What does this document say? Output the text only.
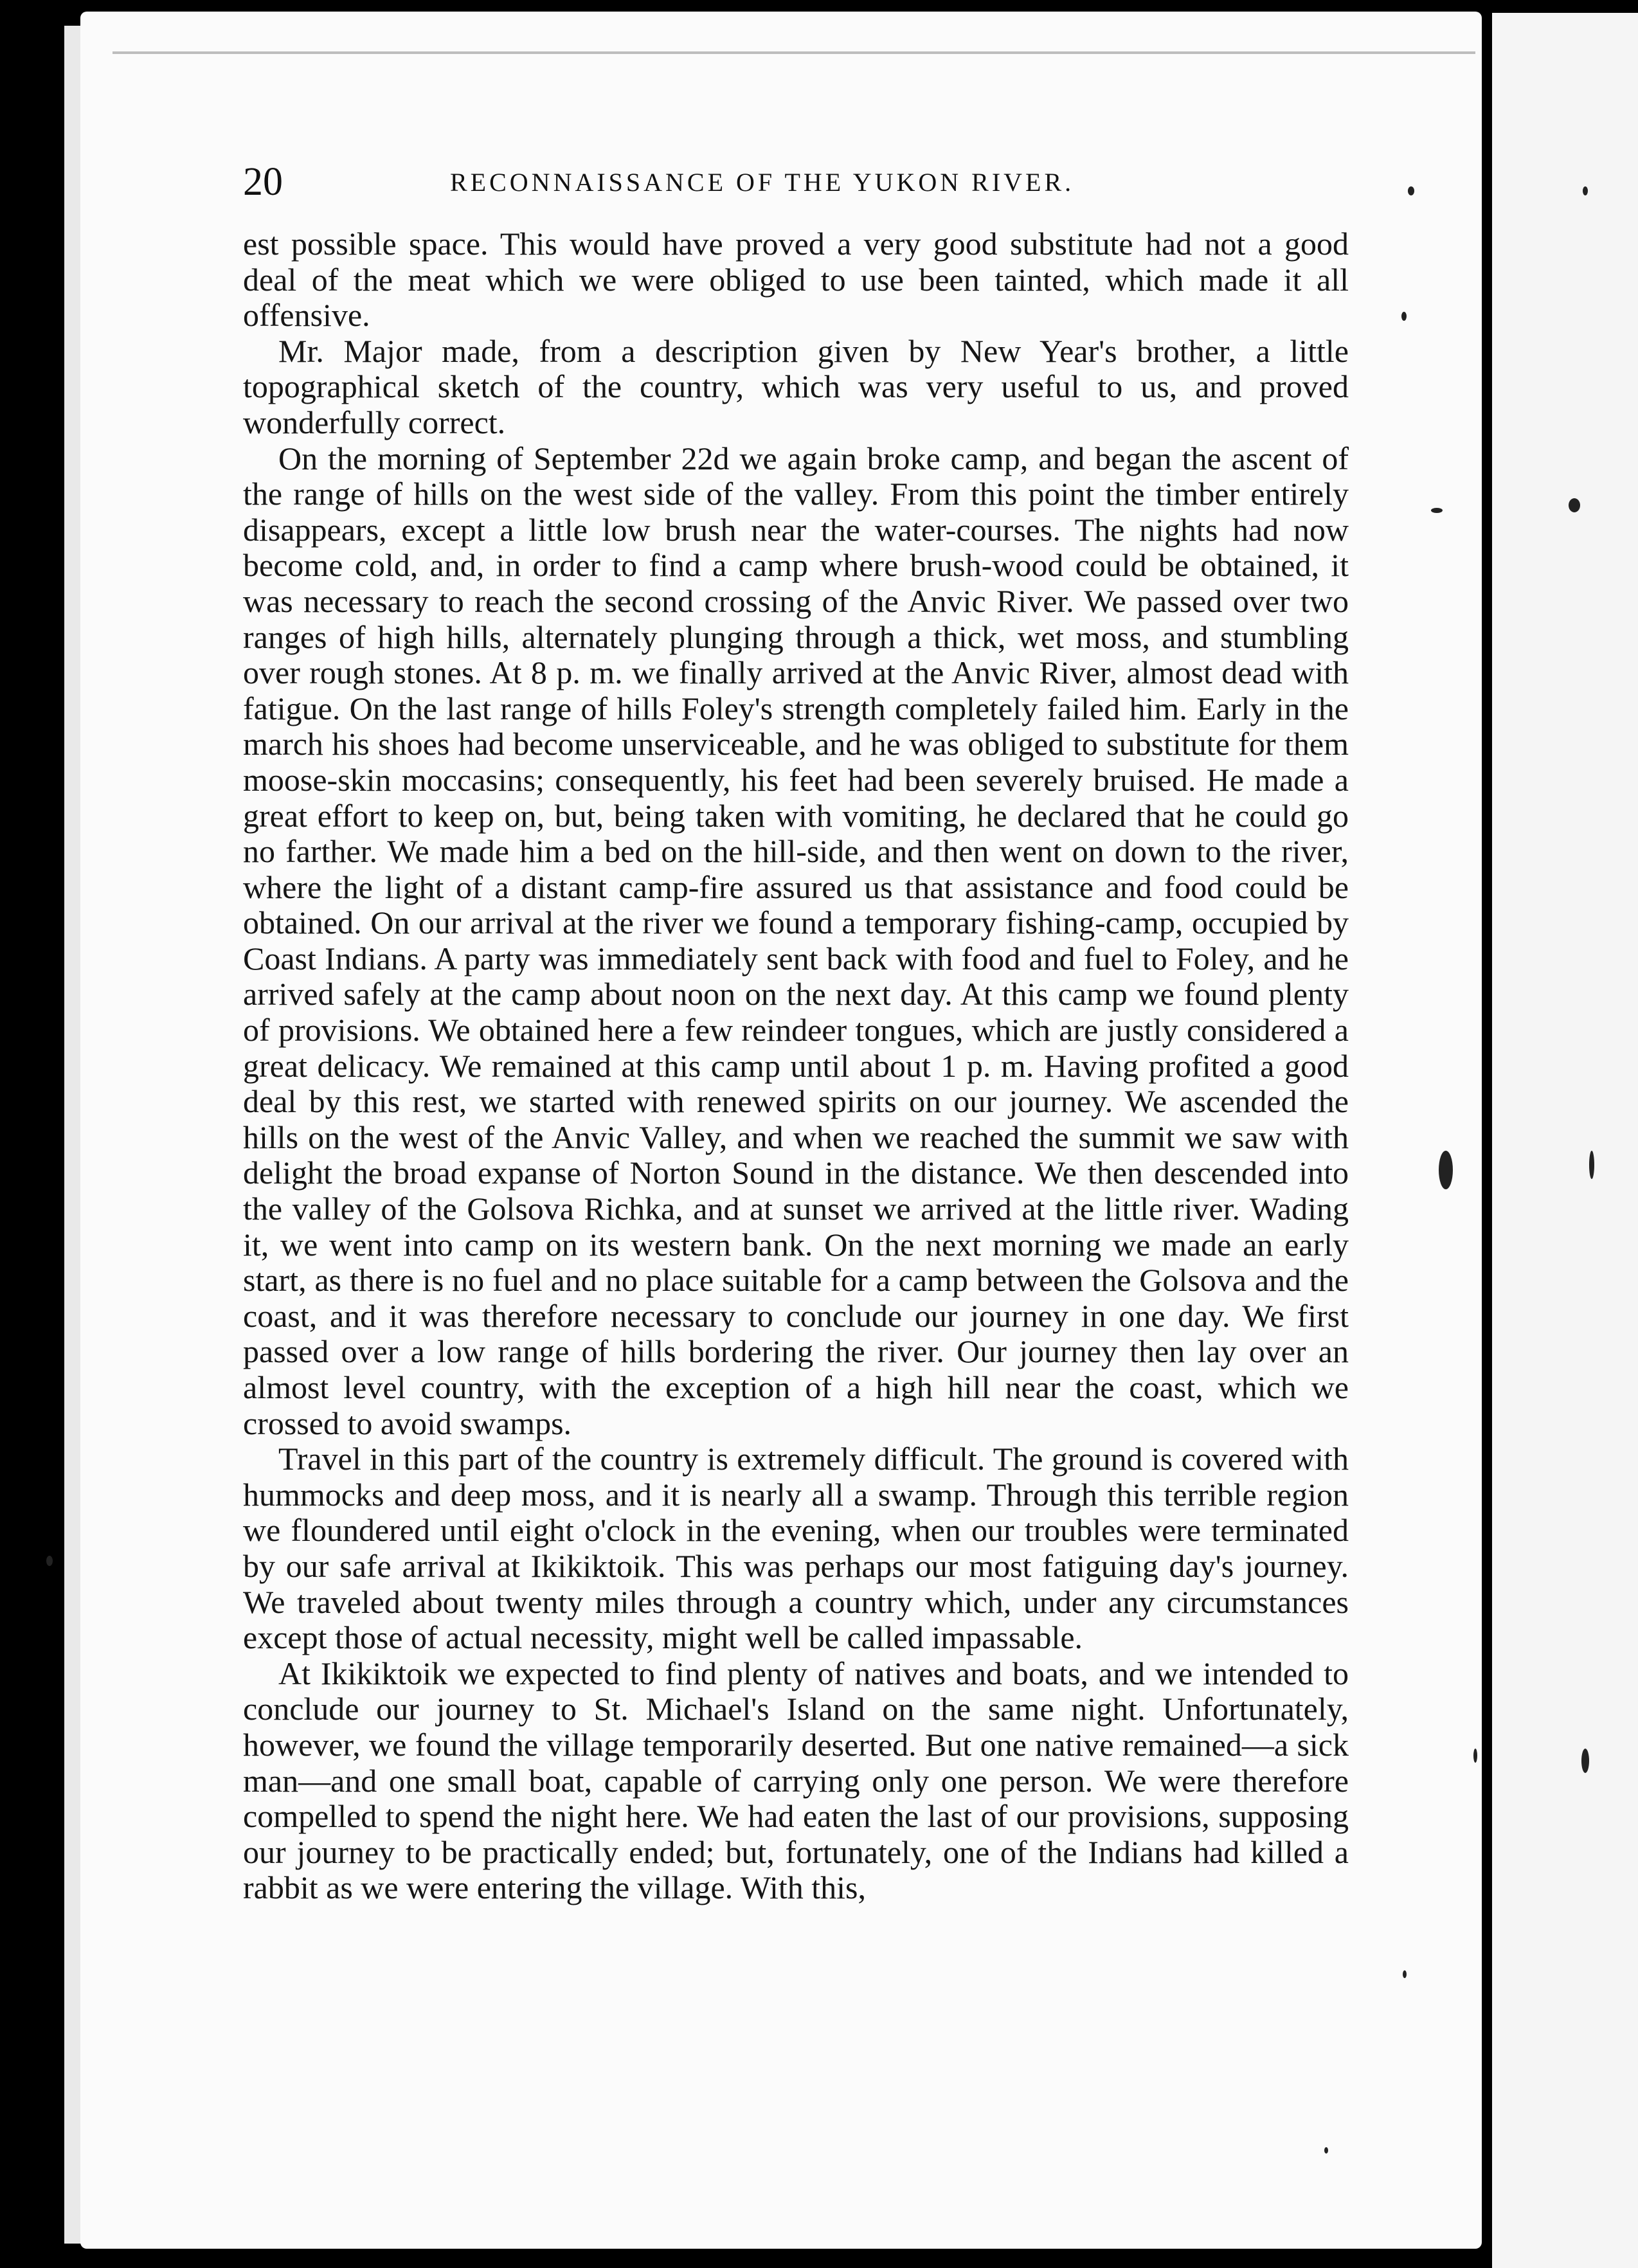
20	RECONNAISSANCE OF THE YUKON RIVER.

est possible space. This would have proved a very good substitute had not a good deal of the meat which we were obliged to use been tainted, which made it all offensive.

Mr. Major made, from a description given by New Year's brother, a little topographical sketch of the country, which was very useful to us, and proved wonderfully correct.

On the morning of September 22d we again broke camp, and began the ascent of the range of hills on the west side of the valley. From this point the timber entirely disappears, except a little low brush near the water-courses. The nights had now become cold, and, in order to find a camp where brush-wood could be obtained, it was necessary to reach the second crossing of the Anvic River. We passed over two ranges of high hills, alternately plunging through a thick, wet moss, and stumbling over rough stones. At 8 p. m. we finally arrived at the Anvic River, almost dead with fatigue. On the last range of hills Foley's strength completely failed him. Early in the march his shoes had become unserviceable, and he was obliged to substitute for them moose-skin moccasins; consequently, his feet had been severely bruised. He made a great effort to keep on, but, being taken with vomiting, he declared that he could go no farther. We made him a bed on the hill-side, and then went on down to the river, where the light of a distant camp-fire assured us that assistance and food could be obtained. On our arrival at the river we found a temporary fishing-camp, occupied by Coast Indians. A party was immediately sent back with food and fuel to Foley, and he arrived safely at the camp about noon on the next day. At this camp we found plenty of provisions. We obtained here a few reindeer tongues, which are justly considered a great delicacy. We remained at this camp until about 1 p. m. Having profited a good deal by this rest, we started with renewed spirits on our journey. We ascended the hills on the west of the Anvic Valley, and when we reached the summit we saw with delight the broad expanse of Norton Sound in the distance. We then descended into the valley of the Golsova Richka, and at sunset we arrived at the little river. Wading it, we went into camp on its western bank. On the next morning we made an early start, as there is no fuel and no place suitable for a camp between the Golsova and the coast, and it was therefore necessary to conclude our journey in one day. We first passed over a low range of hills bordering the river. Our journey then lay over an almost level country, with the exception of a high hill near the coast, which we crossed to avoid swamps.

Travel in this part of the country is extremely difficult. The ground is covered with hummocks and deep moss, and it is nearly all a swamp. Through this terrible region we floundered until eight o'clock in the evening, when our troubles were terminated by our safe arrival at Ikikiktoik. This was perhaps our most fatiguing day's journey. We traveled about twenty miles through a country which, under any circumstances except those of actual necessity, might well be called impassable.

At Ikikiktoik we expected to find plenty of natives and boats, and we intended to conclude our journey to St. Michael's Island on the same night. Unfortunately, however, we found the village temporarily deserted. But one native remained—a sick man—and one small boat, capable of carrying only one person. We were therefore compelled to spend the night here. We had eaten the last of our provisions, supposing our journey to be practically ended; but, fortunately, one of the Indians had killed a rabbit as we were entering the village. With this,
